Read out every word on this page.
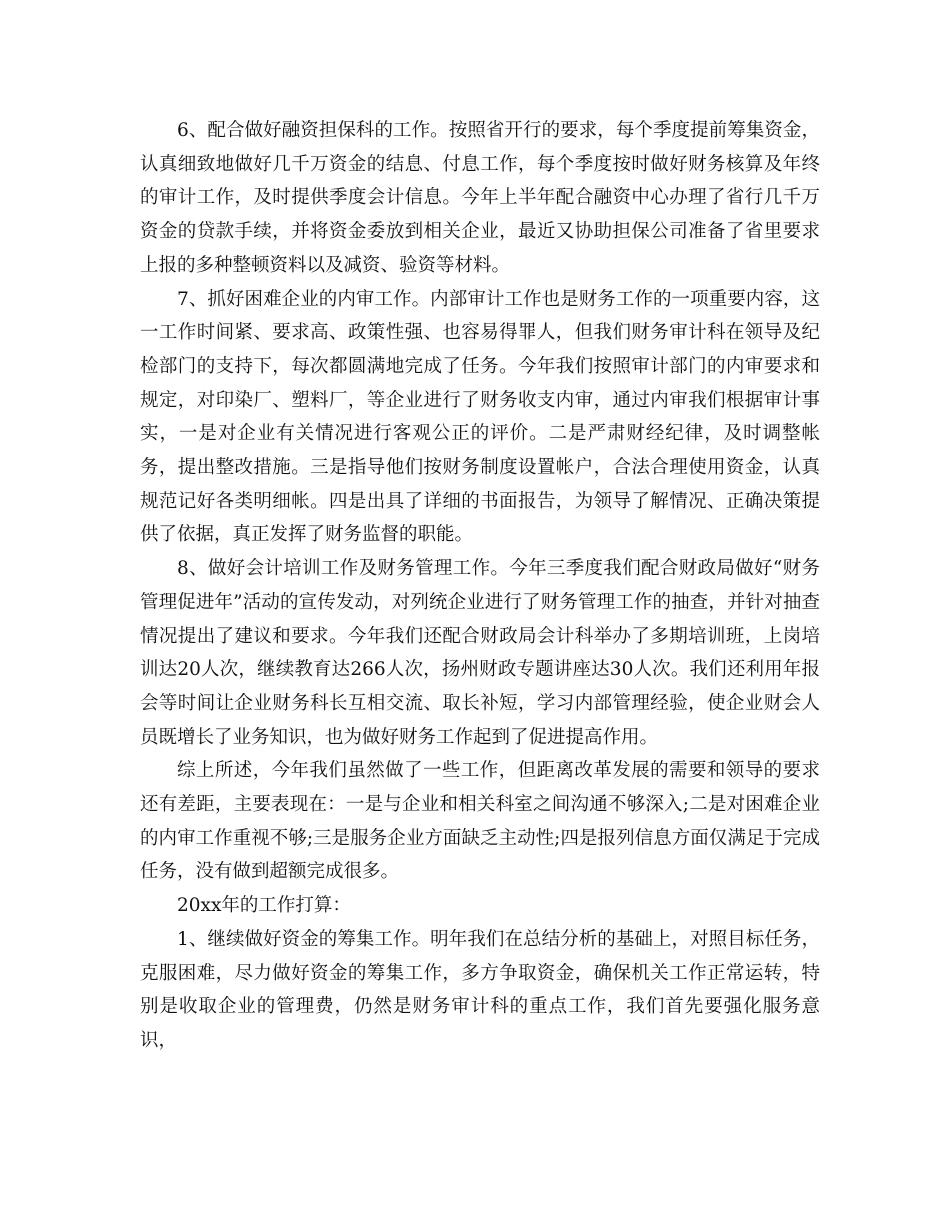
6、配合做好融资担保科的工作。按照省开行的要求，每个季度提前筹集资金，认真细致地做好几千万资金的结息、付息工作，每个季度按时做好财务核算及年终的审计工作，及时提供季度会计信息。今年上半年配合融资中心办理了省行几千万资金的贷款手续，并将资金委放到相关企业，最近又协助担保公司准备了省里要求上报的多种整顿资料以及减资、验资等材料。

7、抓好困难企业的内审工作。内部审计工作也是财务工作的一项重要内容，这一工作时间紧、要求高、政策性强、也容易得罪人，但我们财务审计科在领导及纪检部门的支持下，每次都圆满地完成了任务。今年我们按照审计部门的内审要求和规定，对印染厂、塑料厂，等企业进行了财务收支内审，通过内审我们根据审计事实，一是对企业有关情况进行客观公正的评价。二是严肃财经纪律，及时调整帐务，提出整改措施。三是指导他们按财务制度设置帐户，合法合理使用资金，认真规范记好各类明细帐。四是出具了详细的书面报告，为领导了解情况、正确决策提供了依据，真正发挥了财务监督的职能。

8、做好会计培训工作及财务管理工作。今年三季度我们配合财政局做好“财务管理促进年”活动的宣传发动，对列统企业进行了财务管理工作的抽查，并针对抽查情况提出了建议和要求。今年我们还配合财政局会计科举办了多期培训班，上岗培训达20人次，继续教育达266人次，扬州财政专题讲座达30人次。我们还利用年报会等时间让企业财务科长互相交流、取长补短，学习内部管理经验，使企业财会人员既增长了业务知识，也为做好财务工作起到了促进提高作用。

综上所述，今年我们虽然做了一些工作，但距离改革发展的需要和领导的要求还有差距，主要表现在：一是与企业和相关科室之间沟通不够深入;二是对困难企业的内审工作重视不够;三是服务企业方面缺乏主动性;四是报列信息方面仅满足于完成任务，没有做到超额完成很多。

20xx年的工作打算：

1、继续做好资金的筹集工作。明年我们在总结分析的基础上，对照目标任务，克服困难，尽力做好资金的筹集工作，多方争取资金，确保机关工作正常运转，特别是收取企业的管理费，仍然是财务审计科的重点工作，我们首先要强化服务意识，
